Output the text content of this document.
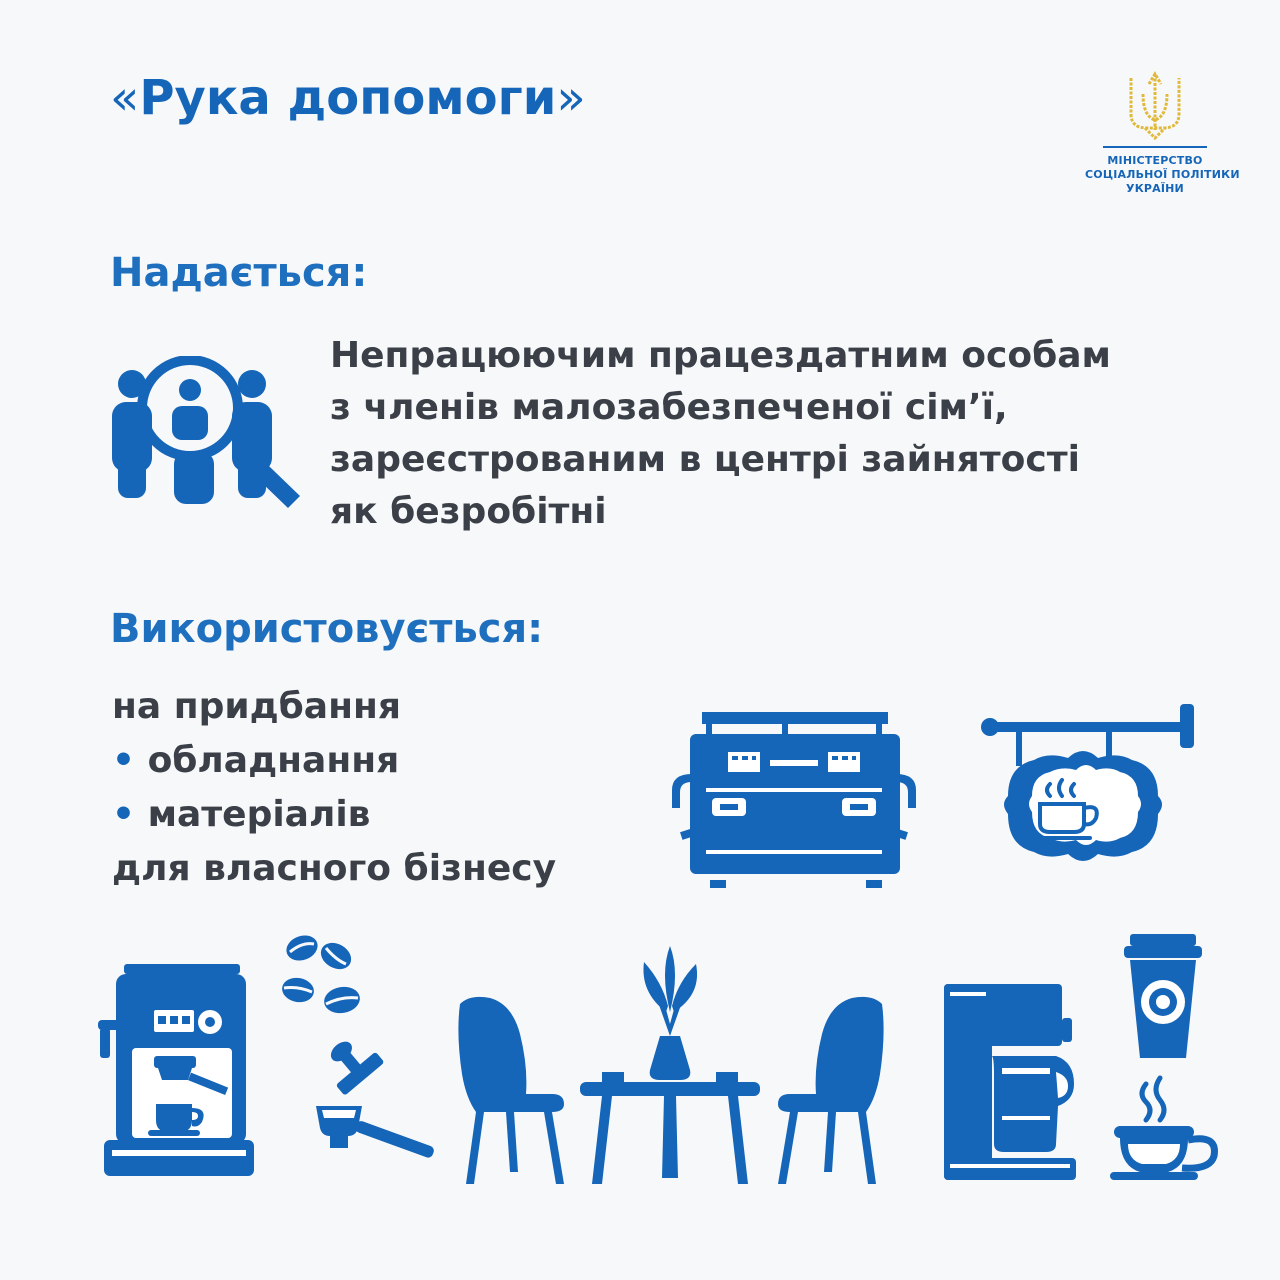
«Рука допомоги»
МІНІСТЕРСТВО
СОЦІАЛЬНОЇ ПОЛІТИКИ
УКРАЇНИ
Надається:
Непрацюючим працездатним особам
з членів малозабезпеченої сім’ї,
зареєстрованим в центрі зайнятості
як безробітні
Використовується:
на придбання
• обладнання
• матеріалів
для власного бізнесу
